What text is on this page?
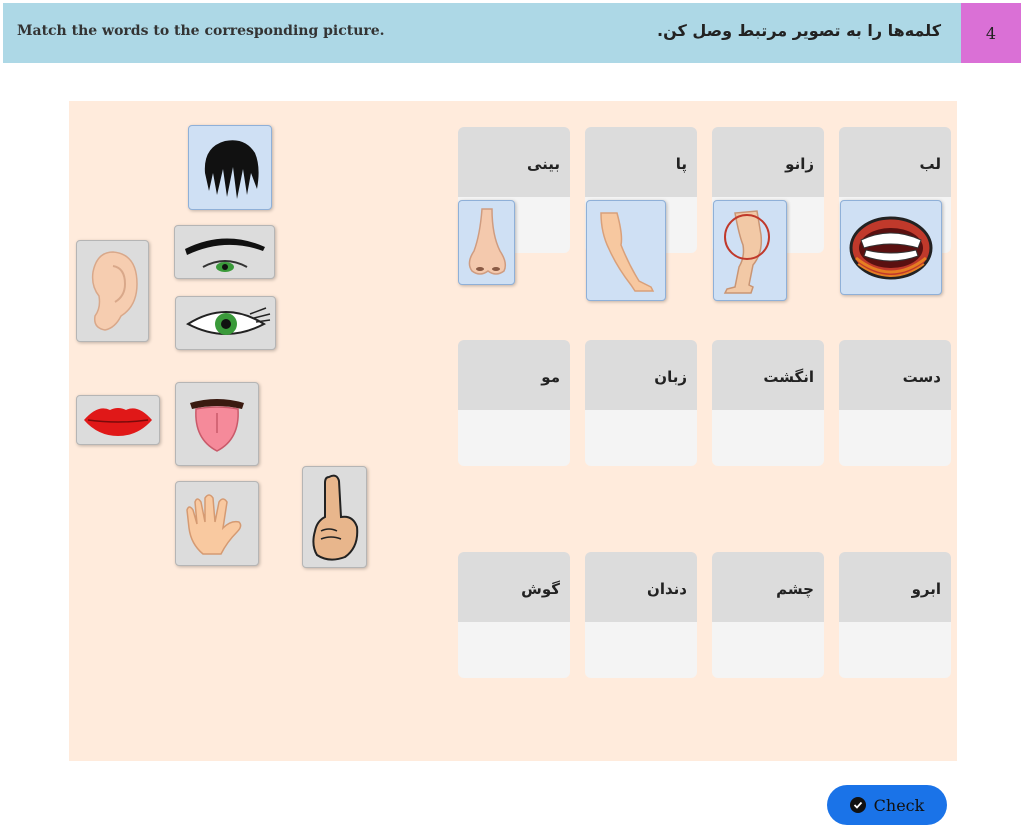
Match the words to the corresponding picture.	کلمه‌ها را به تصویر مرتبط وصل کن.	4
لب
زانو
پا
بینی
دست
انگشت
زبان
مو
ابرو
چشم
دندان
گوش
Check
